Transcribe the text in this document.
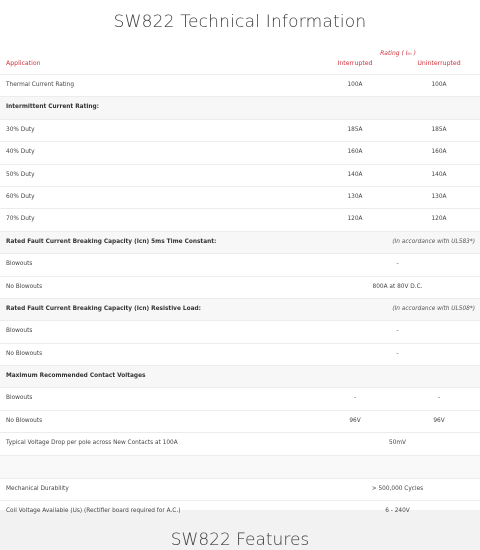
SW822 Technical Information
Rating ( Iₜₕ )
Application	Interrupted	Uninterrupted
Thermal Current Rating	100A	100A
Intermittent Current Rating:
30% Duty	185A	185A
40% Duty	160A	160A
50% Duty	140A	140A
60% Duty	130A	130A
70% Duty	120A	120A
Rated Fault Current Breaking Capacity (Icn) 5ms Time Constant:	(In accordance with UL583*)
Blowouts	-
No Blowouts	800A at 80V D.C.
Rated Fault Current Breaking Capacity (Icn) Resistive Load:	(In accordance with UL508*)
Blowouts	-
No Blowouts	-
Maximum Recommended Contact Voltages
Blowouts	-	-
No Blowouts	96V	96V
Typical Voltage Drop per pole across New Contacts at 100A	50mV
Mechanical Durability	> 500,000 Cycles
Coil Voltage Available (Us) (Rectifier board required for A.C.)	6 - 240V
SW822 Features
